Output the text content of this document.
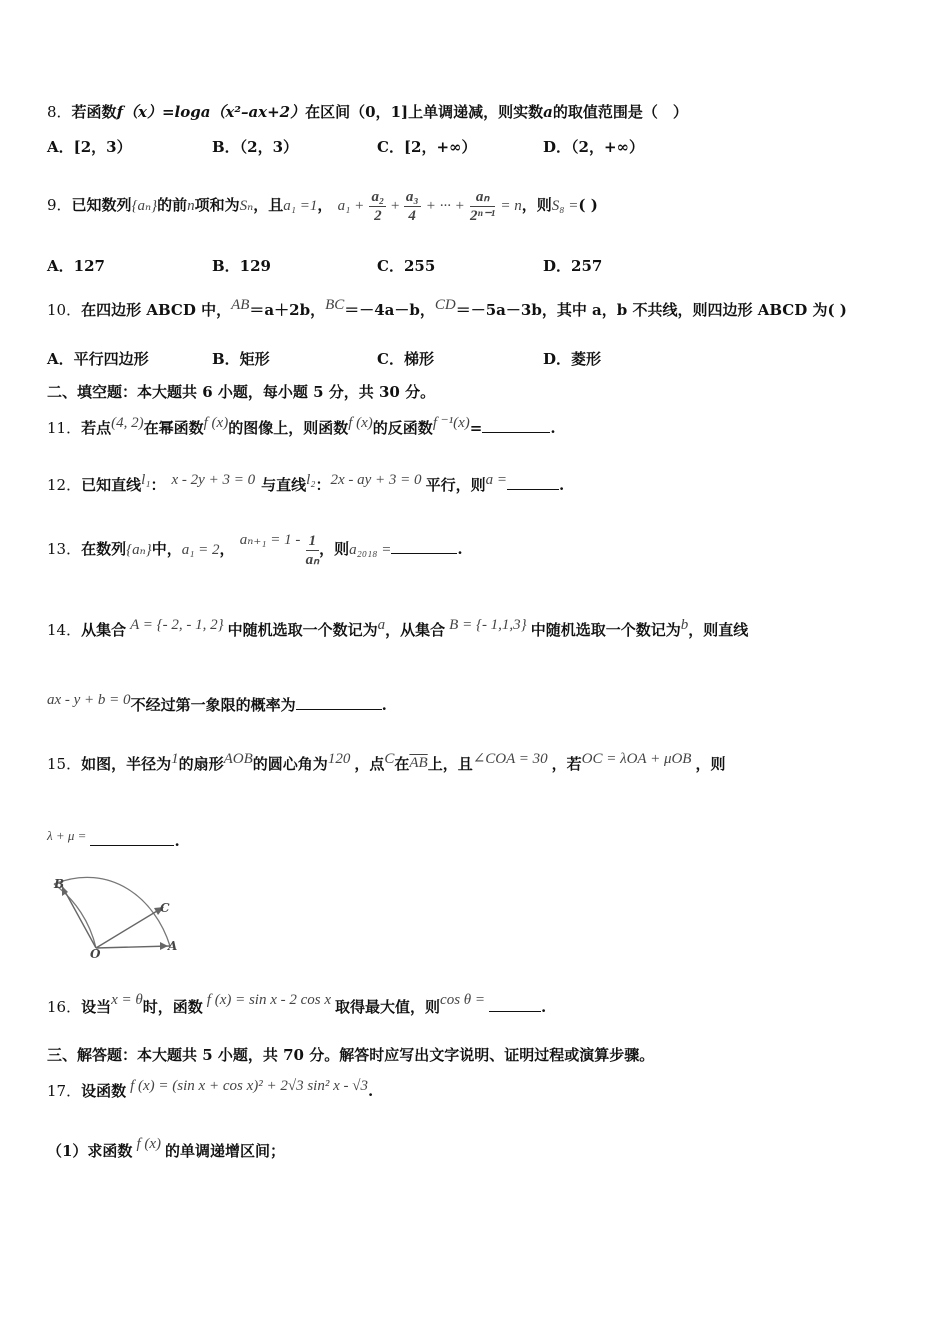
8．若函数f（x）=loga（x²–ax+2）在区间（0，1]上单调递减，则实数a的取值范围是（　）
A．[2，3）	B．（2，3）	C．[2，+∞）	D．（2，+∞）
9．已知数列{aₙ}的前n项和为Sₙ，且a₁ =1， $a_1 + \frac{\text{a₂}}{2} + \frac{\text{a₃}}{4}$ + ··· + $\frac{\text{aₙ}}{\text{2ⁿ⁻¹}} = n$，则S₈ =( )
A．127	B．129	C．255	D．257
10．在四边形 ABCD 中，AB＝a＋2b，BC＝－4a－b，CD＝－5a－3b，其中 a，b 不共线，则四边形 ABCD 为( )
A．平行四边形	B．矩形	C．梯形	D．菱形
二、填空题：本大题共 6 小题，每小题 5 分，共 30 分。
11．若点(4, 2)在幂函数f (x)的图像上，则函数f (x)的反函数f ⁻¹(x)=	.
12．已知直线l₁： x - 2y + 3 = 0 与直线l₂：2x - ay + 3 = 0 平行，则a =	.
13．在数列{aₙ}中，a₁ = 2， $a_{n+1} = 1 - \frac{1}{\text{aₙ}}$ ，则a₂₀₁₈ =	.
14．从集合 A = {- 2, - 1, 2} 中随机选取一个数记为a，从集合 B = {- 1,1,3} 中随机选取一个数记为b，则直线
ax - y + b = 0不经过第一象限的概率为	.
15．如图，半径为1的扇形AOB的圆心角为120 ，点C在$\overline{AB}$上，且∠COA = 30 ，若OC = λOA + μOB ，则
λ + μ =	.
B
C
O
A
16．设当x = θ时，函数 f (x) = sin x - 2 cos x 取得最大值，则cos θ =	.
三、解答题：本大题共 5 小题，共 70 分。解答时应写出文字说明、证明过程或演算步骤。
17．设函数 f (x) = (sin x + cos x)² + 2√3 sin² x - √3.
（1）求函数 f (x) 的单调递增区间；
